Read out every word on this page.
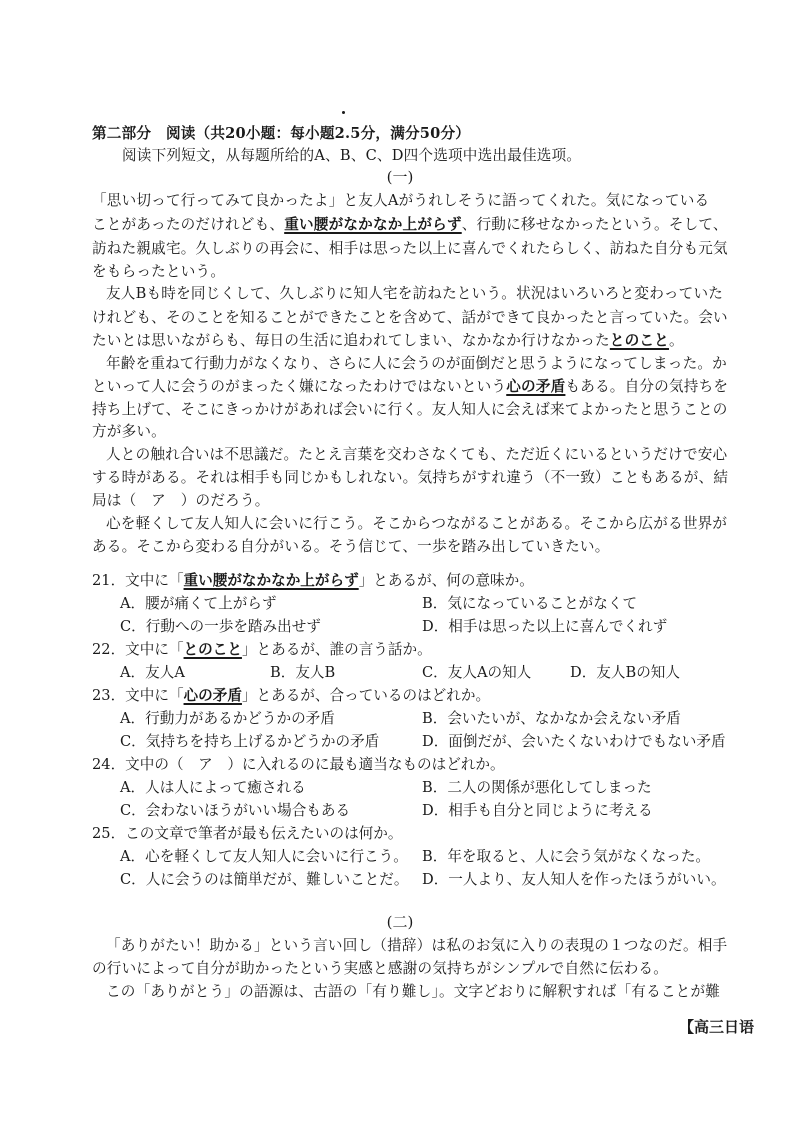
第二部分　阅读（共20小题：每小题2.5分，满分50分）
阅读下列短文，从每题所给的A、B、C、D四个选项中选出最佳选项。
(一)
「思い切って行ってみて良かったよ」と友人Aがうれしそうに語ってくれた。気になっている
ことがあったのだけれども、重い腰がなかなか上がらず、行動に移せなかったという。そして、
訪ねた親戚宅。久しぶりの再会に、相手は思った以上に喜んでくれたらしく、訪ねた自分も元気
をもらったという。
友人Bも時を同じくして、久しぶりに知人宅を訪ねたという。状況はいろいろと変わっていた
けれども、そのことを知ることができたことを含めて、話ができて良かったと言っていた。会い
たいとは思いながらも、毎日の生活に追われてしまい、なかなか行けなかったとのこと。
年齢を重ねて行動力がなくなり、さらに人に会うのが面倒だと思うようになってしまった。か
といって人に会うのがまったく嫌になったわけではないという心の矛盾もある。自分の気持ちを
持ち上げて、そこにきっかけがあれば会いに行く。友人知人に会えば来てよかったと思うことの
方が多い。
人との触れ合いは不思議だ。たとえ言葉を交わさなくても、ただ近くにいるというだけで安心
する時がある。それは相手も同じかもしれない。気持ちがすれ違う（不一致）こともあるが、結
局は（　ア　）のだろう。
心を軽くして友人知人に会いに行こう。そこからつながることがある。そこから広がる世界が
ある。そこから変わる自分がいる。そう信じて、一歩を踏み出していきたい。
21．文中に「重い腰がなかなか上がらず」とあるが、何の意味か。
A．腰が痛くて上がらず	B．気になっていることがなくて
C．行動への一歩を踏み出せず	D．相手は思った以上に喜んでくれず
22．文中に「とのこと」とあるが、誰の言う話か。
A．友人A	B．友人B	C．友人Aの知人	D．友人Bの知人
23．文中に「心の矛盾」とあるが、合っているのはどれか。
A．行動力があるかどうかの矛盾	B．会いたいが、なかなか会えない矛盾
C．気持ちを持ち上げるかどうかの矛盾	D．面倒だが、会いたくないわけでもない矛盾
24．文中の（　ア　）に入れるのに最も適当なものはどれか。
A．人は人によって癒される	B．二人の関係が悪化してしまった
C．会わないほうがいい場合もある	D．相手も自分と同じように考える
25．この文章で筆者が最も伝えたいのは何か。
A．心を軽くして友人知人に会いに行こう。 B．年を取ると、人に会う気がなくなった。
C．人に会うのは簡単だが、難しいことだ。 D．一人より、友人知人を作ったほうがいい。
(二)
「ありがたい！助かる」という言い回し（措辞）は私のお気に入りの表現の１つなのだ。相手
の行いによって自分が助かったという実感と感謝の気持ちがシンプルで自然に伝わる。
この「ありがとう」の語源は、古語の「有り難し」。文字どおりに解釈すれば「有ることが難
【高三日语
